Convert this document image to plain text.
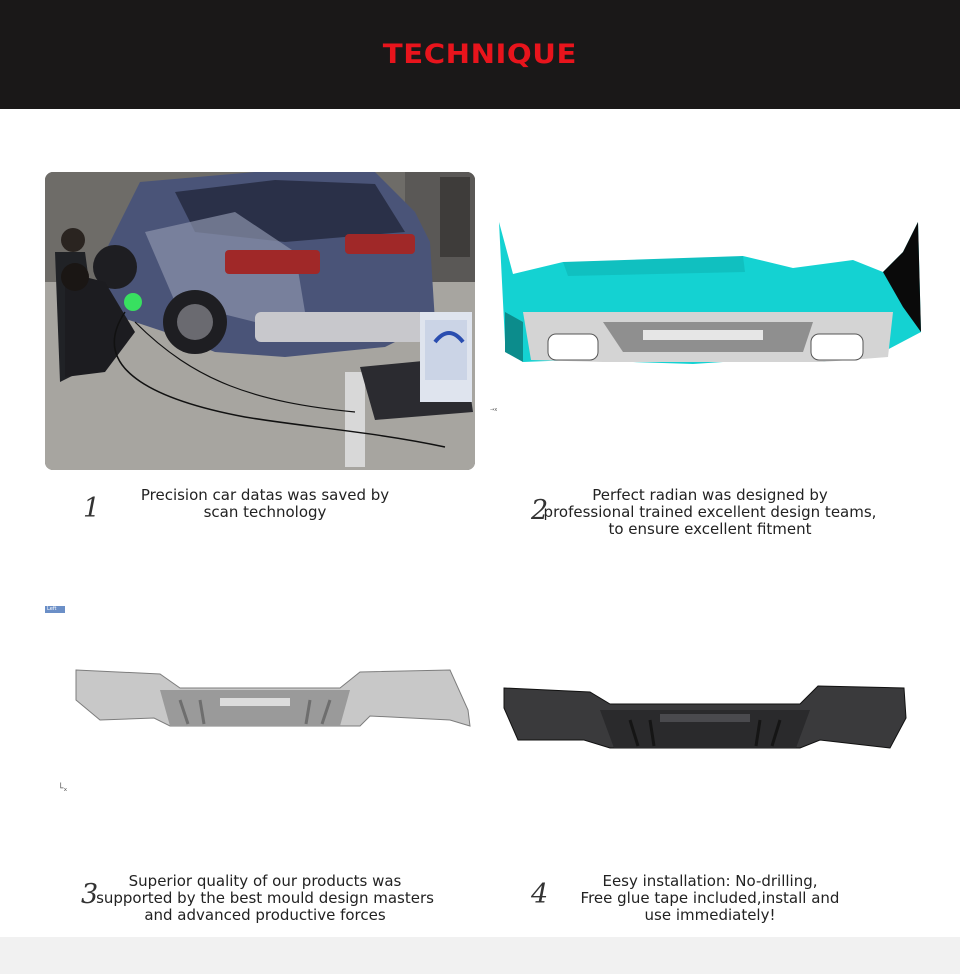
TECHNIQUE
→x
Left
└ₓ
1	Precision car datas was saved by
scan technology	2	Perfect radian was designed by
professional trained excellent design teams,
to ensure excellent fitment
3	Superior quality of our products was
supported by the best mould design masters
and advanced productive forces
4	Eesy installation: No-drilling,
Free glue tape included,install and
use immediately!
